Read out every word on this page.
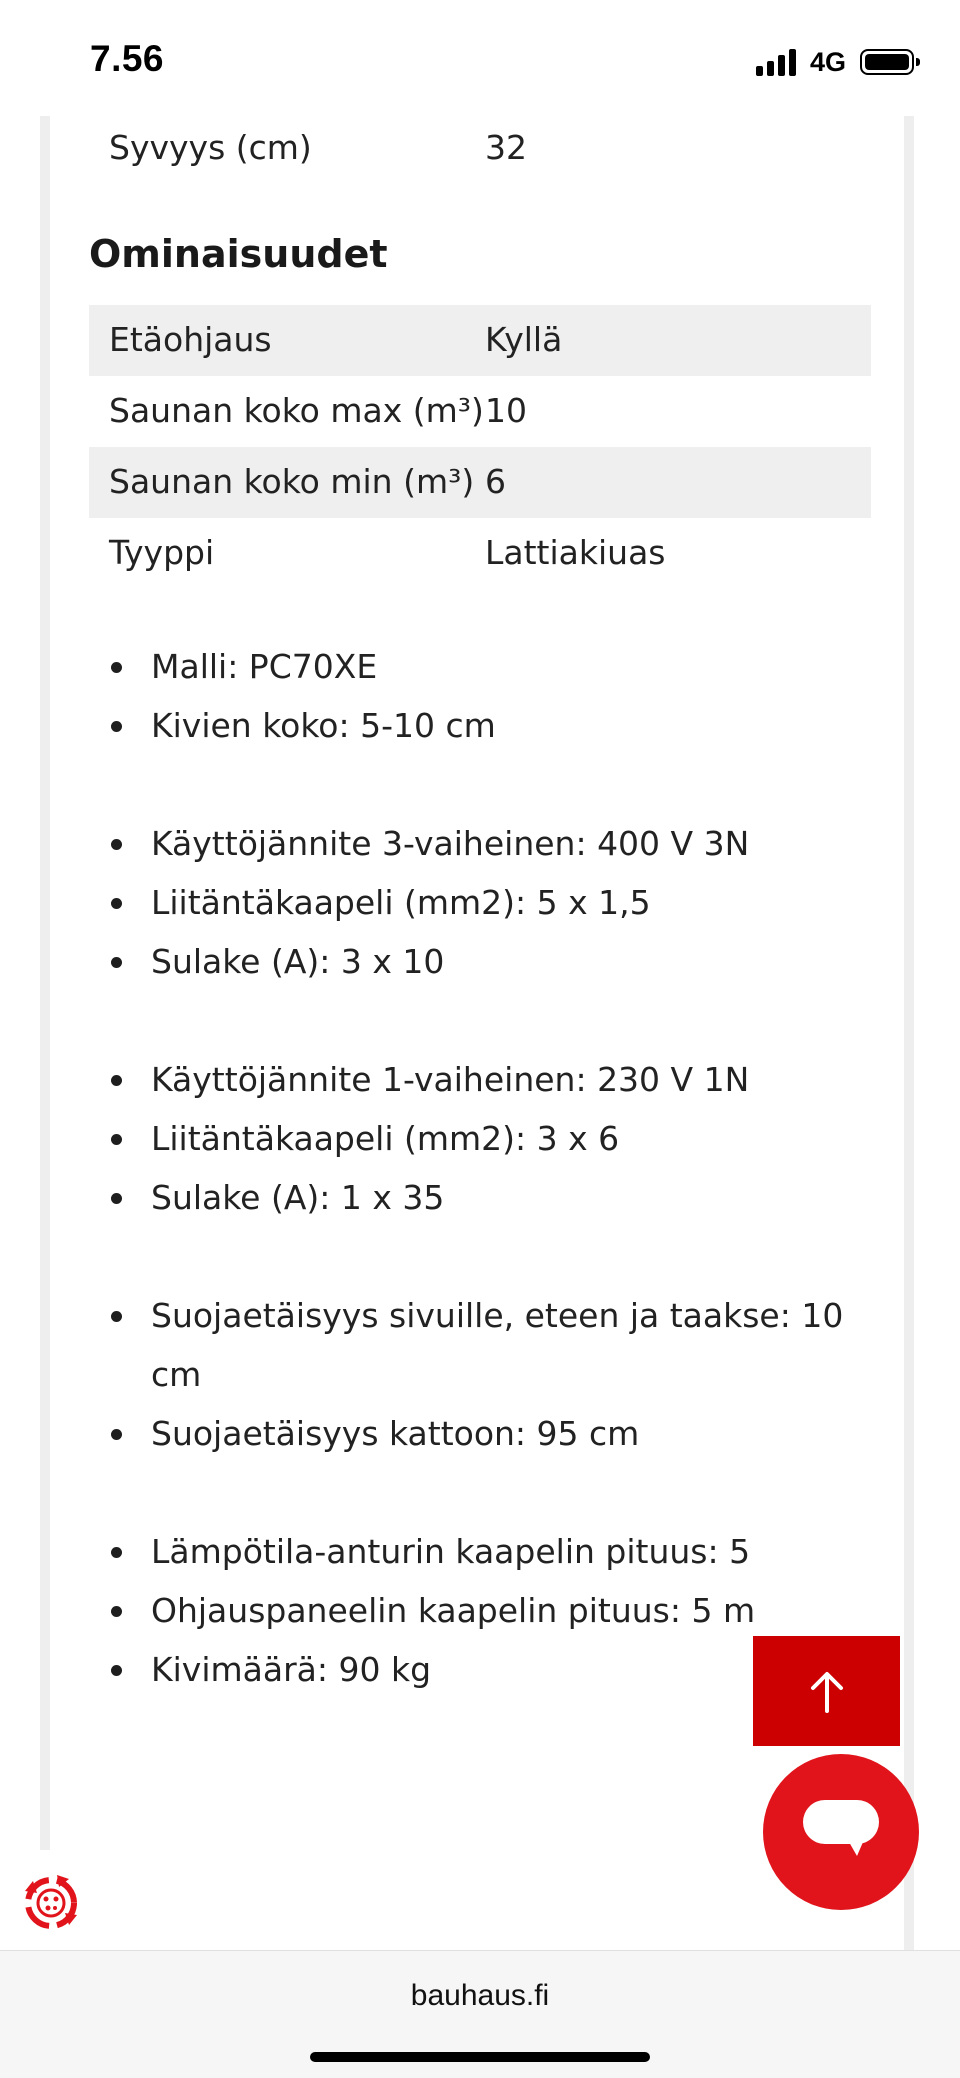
Syvyys (cm)	32
Ominaisuudet
Etäohjaus	Kyllä
Saunan koko max (m³) 10
Saunan koko min (m³) 6
Tyyppi	Lattiakiuas
Malli: PC70XE
Kivien koko: 5-10 cm
Käyttöjännite 3-vaiheinen: 400 V 3N
Liitäntäkaapeli (mm2): 5 x 1,5
Sulake (A): 3 x 10
Käyttöjännite 1-vaiheinen: 230 V 1N
Liitäntäkaapeli (mm2): 3 x 6
Sulake (A): 1 x 35
Suojaetäisyys sivuille, eteen ja taakse: 10 cm
Suojaetäisyys kattoon: 95 cm
Lämpötila-anturin kaapelin pituus: 5
Ohjauspaneelin kaapelin pituus: 5 m
Kivimäärä: 90 kg
7.56	4G
bauhaus.fi
